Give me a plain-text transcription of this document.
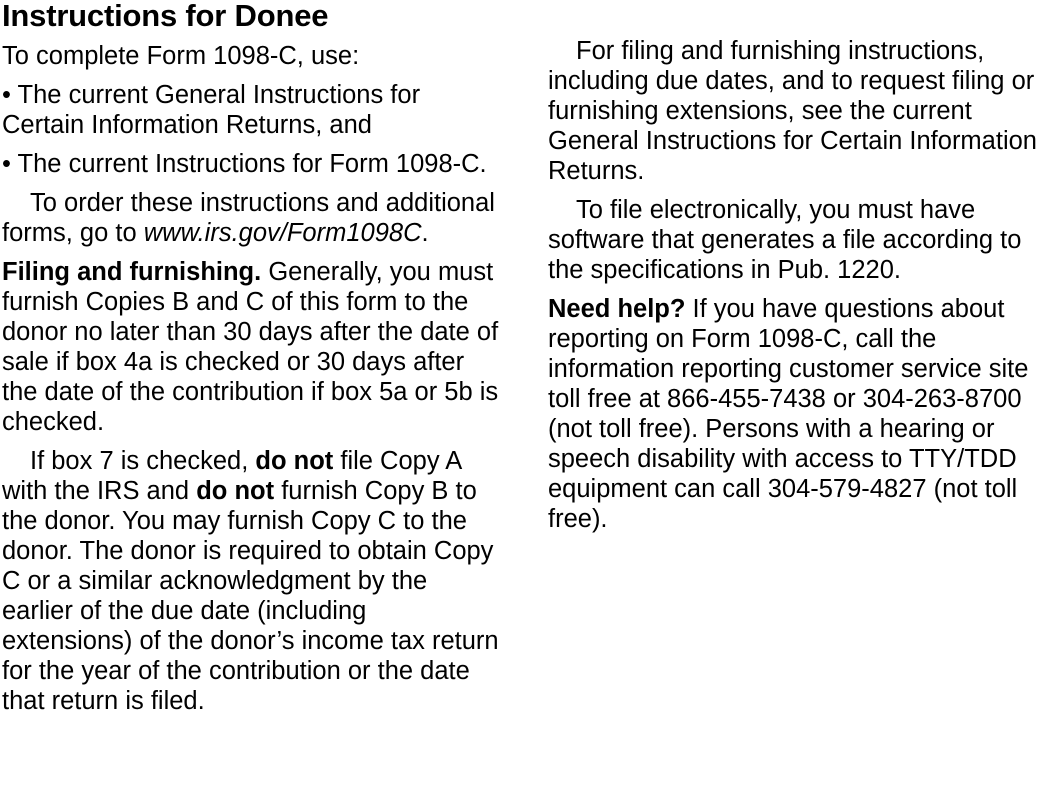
Instructions for Donee

To complete Form 1098-C, use:

• The current General Instructions for Certain Information Returns, and

• The current Instructions for Form 1098-C.

To order these instructions and additional forms, go to www.irs.gov/Form1098C.

Filing and furnishing. Generally, you must furnish Copies B and C of this form to the donor no later than 30 days after the date of sale if box 4a is checked or 30 days after the date of the contribution if box 5a or 5b is checked.

If box 7 is checked, do not file Copy A with the IRS and do not furnish Copy B to the donor. You may furnish Copy C to the donor. The donor is required to obtain Copy C or a similar acknowledgment by the earlier of the due date (including extensions) of the donor’s income tax return for the year of the contribution or the date that return is filed.

For filing and furnishing instructions, including due dates, and to request filing or furnishing extensions, see the current General Instructions for Certain Information Returns.

To file electronically, you must have software that generates a file according to the specifications in Pub. 1220.

Need help? If you have questions about reporting on Form 1098-C, call the information reporting customer service site toll free at 866-455-7438 or 304-263-8700 (not toll free). Persons with a hearing or speech disability with access to TTY/TDD equipment can call 304-579-4827 (not toll free).
